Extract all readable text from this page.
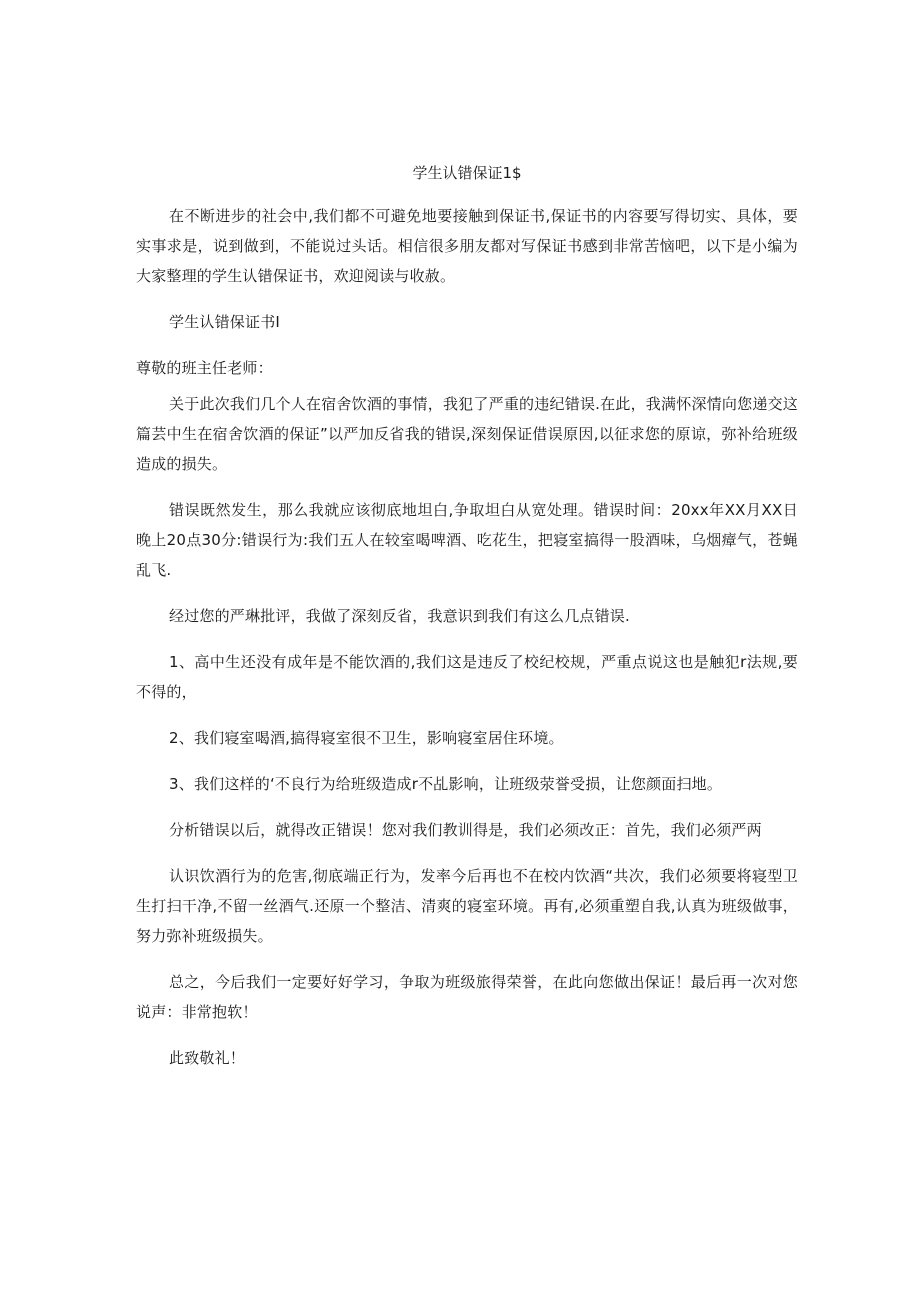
学生认错保证1$

在不断进步的社会中,我们都不可避免地要接触到保证书,保证书的内容要写得切实、具体，要实事求是，说到做到，不能说过头话。相信很多朋友都对写保证书感到非常苦恼吧，以下是小编为大家整理的学生认错保证书，欢迎阅读与收赦。

学生认错保证书I

尊敬的班主任老师：

关于此次我们几个人在宿舍饮酒的事情，我犯了严重的违纪错误.在此，我满怀深情向您递交这篇芸中生在宿舍饮酒的保证”以严加反省我的错误,深刻保证借误原因,以征求您的原谅，弥补给班级造成的损失。

错误既然发生，那么我就应该彻底地坦白,争取坦白从宽处理。错误时间：20xx年XX月XX日晚上20点30分:错误行为:我们五人在较室喝啤酒、吃花生，把寝室搞得一股酒味，乌烟瘴气，苍蝇乱飞.

经过您的严琳批评，我做了深刻反省，我意识到我们有这么几点错误.

1、高中生还没有成年是不能饮酒的,我们这是违反了校纪校规，严重点说这也是触犯r法规,要不得的，

2、我们寝室喝酒,搞得寝室很不卫生，影响寝室居住环境。

3、我们这样的‘不良行为给班级造成r不乩影响，让班级荥誉受损，让您颜面扫地。

分析错误以后，就得改正错误！您对我们教训得是，我们必须改正：首先，我们必须严两

认识饮酒行为的危害,彻底端正行为，发率今后再也不在校内饮酒“共次，我们必须要将寝型卫生打扫干净,不留一丝酒气.还原一个整洁、清爽的寝室环境。再有,必须重塑自我,认真为班级做事，努力弥补班级损失。

总之，今后我们一定要好好学习，争取为班级旅得荣誉，在此向您做出保证！最后再一次对您说声：非常抱软！

此致敬礼！
